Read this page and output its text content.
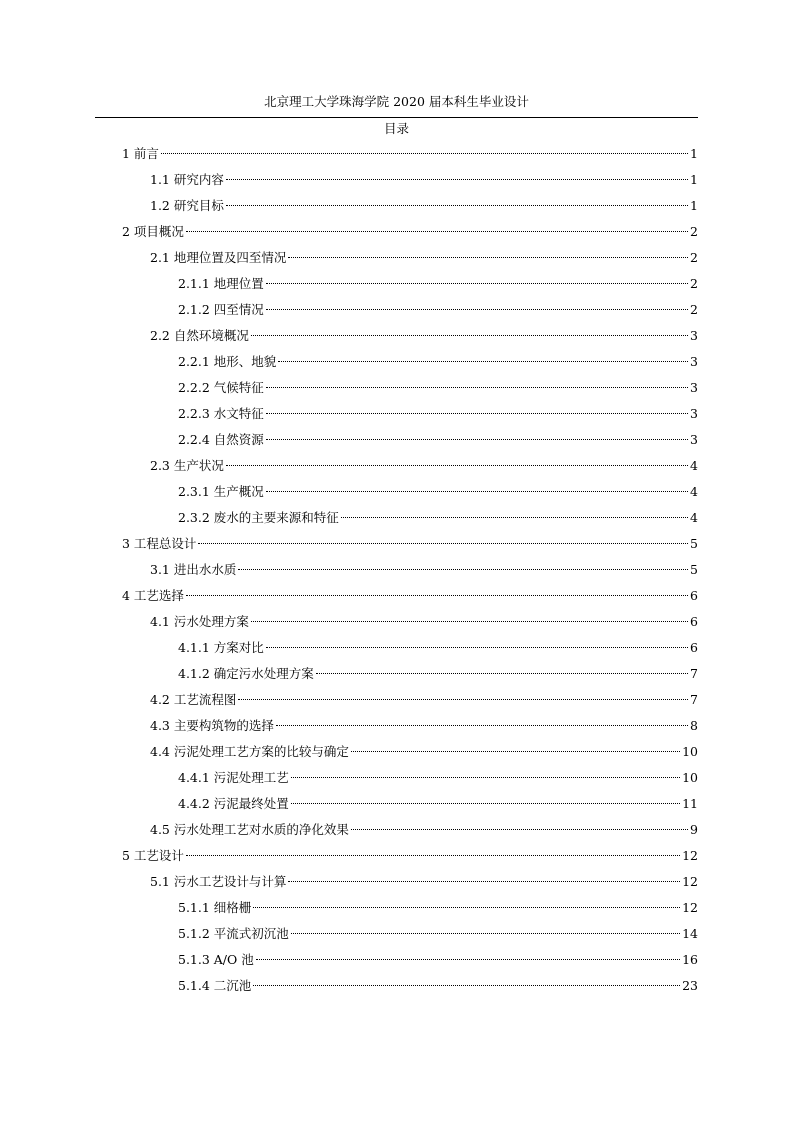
北京理工大学珠海学院 2020 届本科生毕业设计
目录
1 前言	1
1.1 研究内容	1
1.2 研究目标	1
2 项目概况	2
2.1 地理位置及四至情况	2
2.1.1 地理位置	2
2.1.2 四至情况	2
2.2 自然环境概况	3
2.2.1 地形、地貌	3
2.2.2 气候特征	3
2.2.3 水文特征	3
2.2.4 自然资源	3
2.3 生产状况	4
2.3.1 生产概况	4
2.3.2 废水的主要来源和特征	4
3 工程总设计	5
3.1 进出水水质	5
4 工艺选择	6
4.1 污水处理方案	6
4.1.1 方案对比	6
4.1.2 确定污水处理方案	7
4.2 工艺流程图	7
4.3 主要构筑物的选择	8
4.4 污泥处理工艺方案的比较与确定	10
4.4.1 污泥处理工艺	10
4.4.2 污泥最终处置	11
4.5 污水处理工艺对水质的净化效果	9
5 工艺设计	12
5.1 污水工艺设计与计算	12
5.1.1 细格栅	12
5.1.2 平流式初沉池	14
5.1.3 A/O 池	16
5.1.4 二沉池	23
